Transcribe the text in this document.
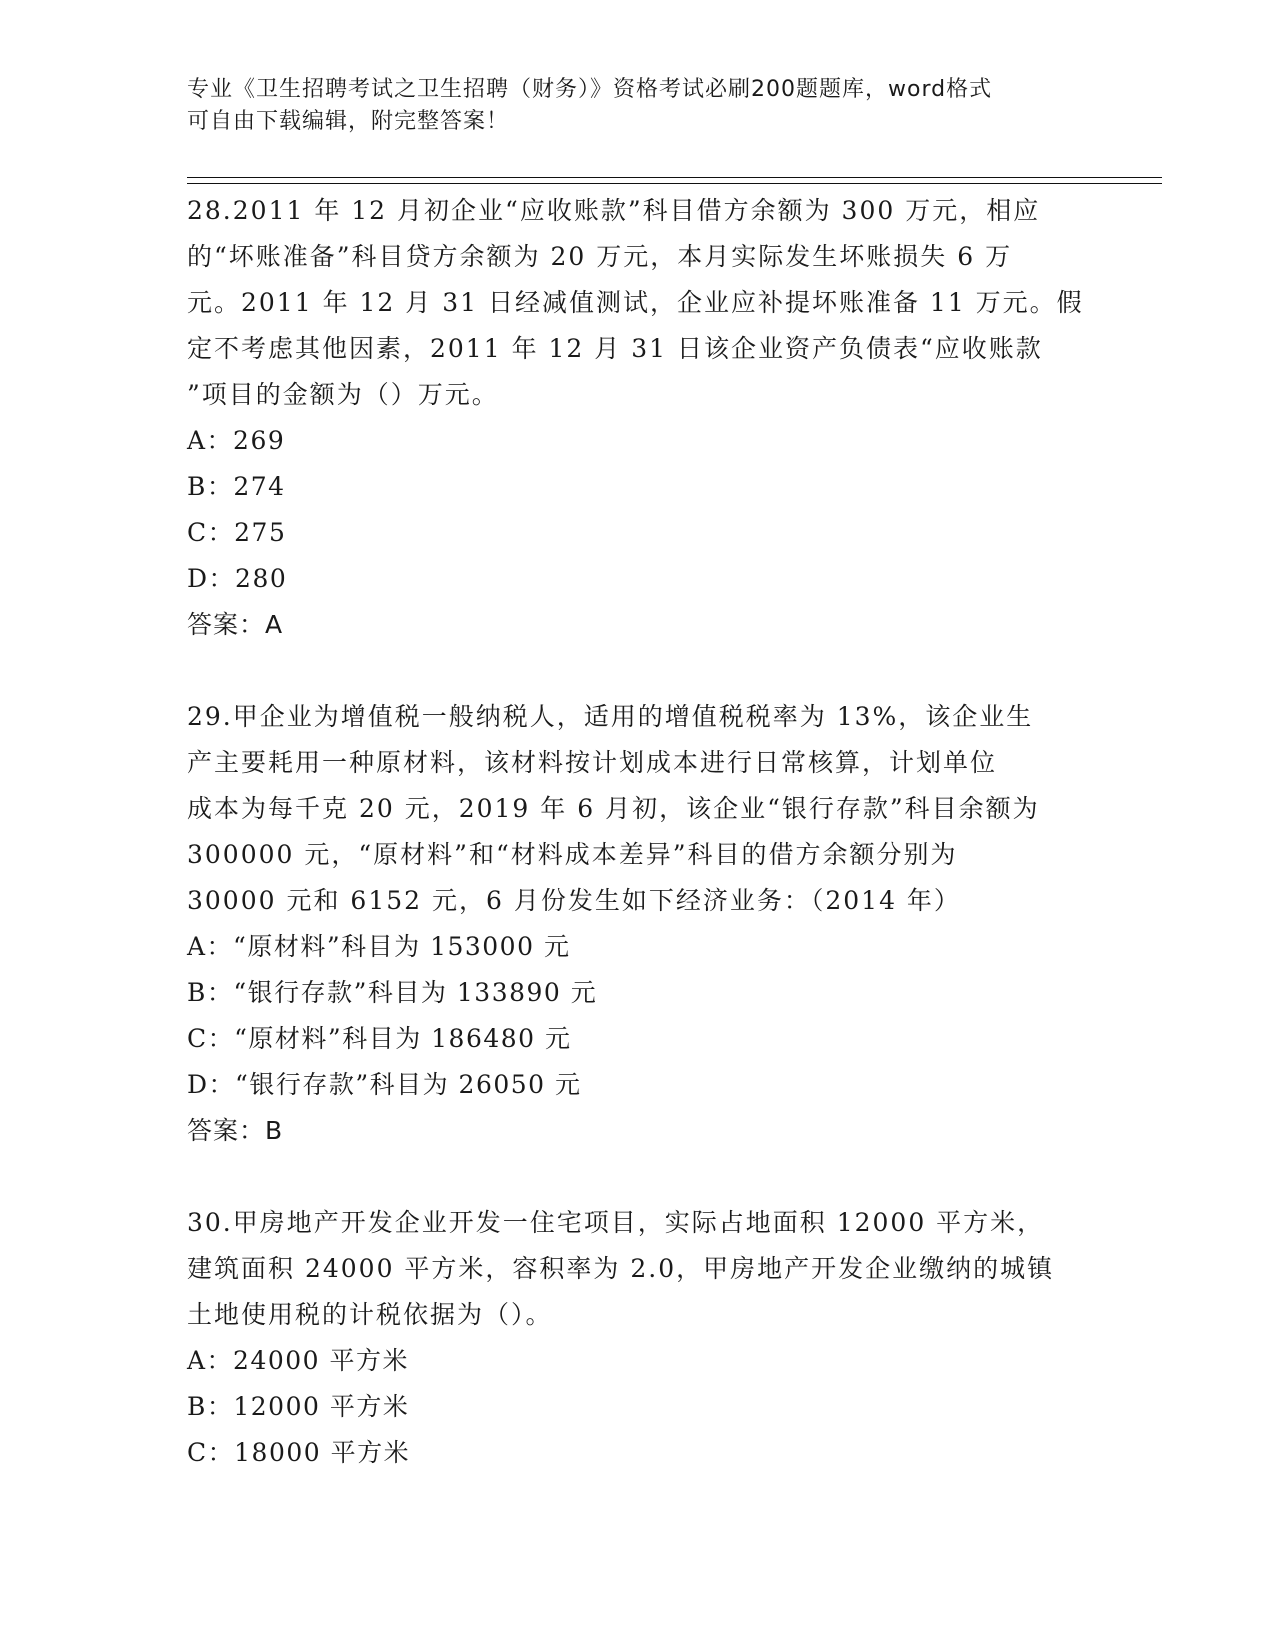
专业《卫生招聘考试之卫生招聘（财务）》资格考试必刷200题题库，word格式
可自由下载编辑，附完整答案！
28.2011 年 12 月初企业“应收账款”科目借方余额为 300 万元，相应
的“坏账准备”科目贷方余额为 20 万元，本月实际发生坏账损失 6 万
元。2011 年 12 月 31 日经减值测试，企业应补提坏账准备 11 万元。假
定不考虑其他因素，2011 年 12 月 31 日该企业资产负债表“应收账款
”项目的金额为（）万元。
A：269
B：274
C：275
D：280
答案：A
29.甲企业为增值税一般纳税人，适用的增值税税率为 13%，该企业生
产主要耗用一种原材料，该材料按计划成本进行日常核算，计划单位
成本为每千克 20 元，2019 年 6 月初，该企业“银行存款”科目余额为
300000 元，“原材料”和“材料成本差异”科目的借方余额分别为
30000 元和 6152 元，6 月份发生如下经济业务：（2014 年）
A：“原材料”科目为 153000 元
B：“银行存款”科目为 133890 元
C：“原材料”科目为 186480 元
D：“银行存款”科目为 26050 元
答案：B
30.甲房地产开发企业开发一住宅项目，实际占地面积 12000 平方米，
建筑面积 24000 平方米，容积率为 2.0，甲房地产开发企业缴纳的城镇
土地使用税的计税依据为（）。
A：24000 平方米
B：12000 平方米
C：18000 平方米
